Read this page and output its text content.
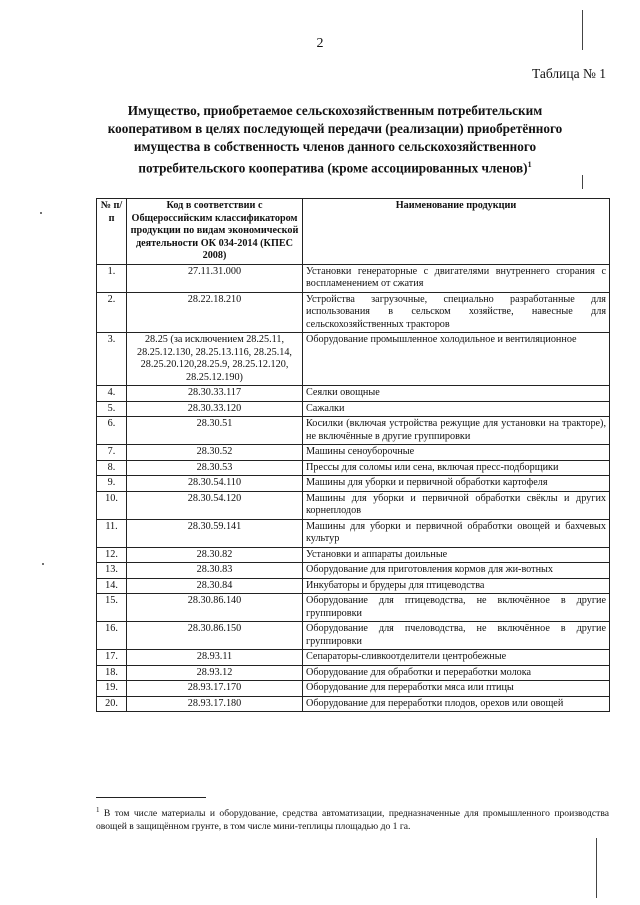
2
Таблица № 1
Имущество, приобретаемое сельскохозяйственным потребительским кооперативом в целях последующей передачи (реализации) приобретённого имущества в собственность членов данного сельскохозяйственного потребительского кооператива (кроме ассоциированных членов)$^1$
№ п/п	Код в соответствии с Общероссийским классификатором продукции по видам экономической деятельности ОК 034-2014 (КПЕС 2008)	Наименование продукции
1.	27.11.31.000	Установки генераторные с двигателями внутреннего сгорания с воспламенением от сжатия
2.	28.22.18.210	Устройства загрузочные, специально разработанные для использования в сельском хозяйстве, навесные для сельскохозяйственных тракторов
3.	28.25 (за исключением 28.25.11, 28.25.12.130, 28.25.13.116, 28.25.14, 28.25.20.120,28.25.9, 28.25.12.120, 28.25.12.190)	Оборудование промышленное холодильное и вентиляционное
4.	28.30.33.117	Сеялки овощные
5.	28.30.33.120	Сажалки
6.	28.30.51	Косилки (включая устройства режущие для установки на тракторе), не включённые в другие группировки
7.	28.30.52	Машины сеноуборочные
8.	28.30.53	Прессы для соломы или сена, включая пресс-подборщики
9.	28.30.54.110	Машины для уборки и первичной обработки картофеля
10.	28.30.54.120	Машины для уборки и первичной обработки свёклы и других корнеплодов
11.	28.30.59.141	Машины для уборки и первичной обработки овощей и бахчевых культур
12.	28.30.82	Установки и аппараты доильные
13.	28.30.83	Оборудование для приготовления кормов для жи-вотных
14.	28.30.84	Инкубаторы и брудеры для птицеводства
15.	28.30.86.140	Оборудование для птицеводства, не включённое в другие группировки
16.	28.30.86.150	Оборудование для пчеловодства, не включённое в другие группировки
17.	28.93.11	Сепараторы-сливкоотделители центробежные
18.	28.93.12	Оборудование для обработки и переработки молока
19.	28.93.17.170	Оборудование для переработки мяса или птицы
20.	28.93.17.180	Оборудование для переработки плодов, орехов или овощей
$^1$ В том числе материалы и оборудование, средства автоматизации, предназначенные для промышленного производства овощей в защищённом грунте, в том числе мини-теплицы площадью до 1 га.
